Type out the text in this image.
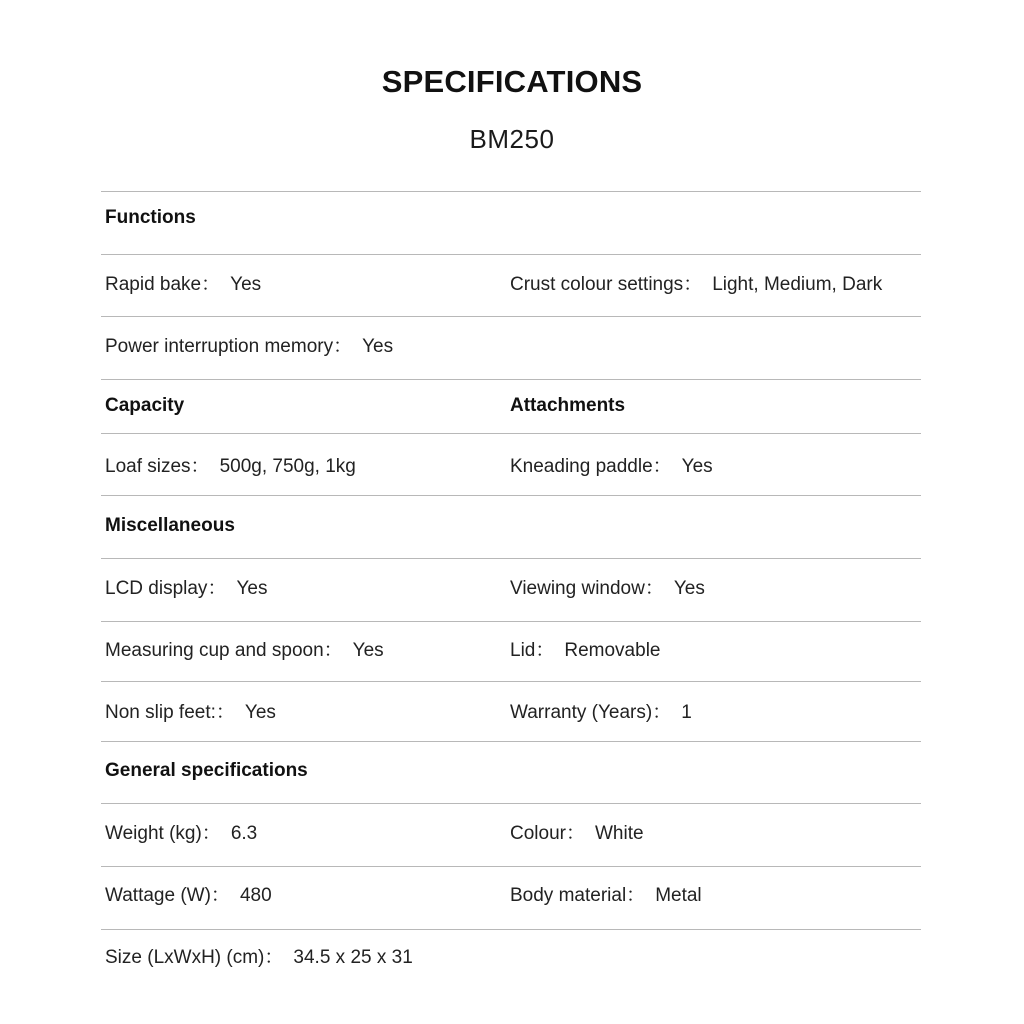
SPECIFICATIONS
BM250
Functions
Rapid bake： Yes	Crust colour settings： Light, Medium, Dark
Power interruption memory： Yes
Capacity	Attachments
Loaf sizes： 500g, 750g, 1kg	Kneading paddle： Yes
Miscellaneous
LCD display： Yes	Viewing window： Yes
Measuring cup and spoon： Yes	Lid： Removable
Non slip feet:： Yes	Warranty (Years)： 1
General specifications
Weight (kg)： 6.3	Colour： White
Wattage (W)： 480	Body material： Metal
Size (LxWxH) (cm)： 34.5 x 25 x 31
